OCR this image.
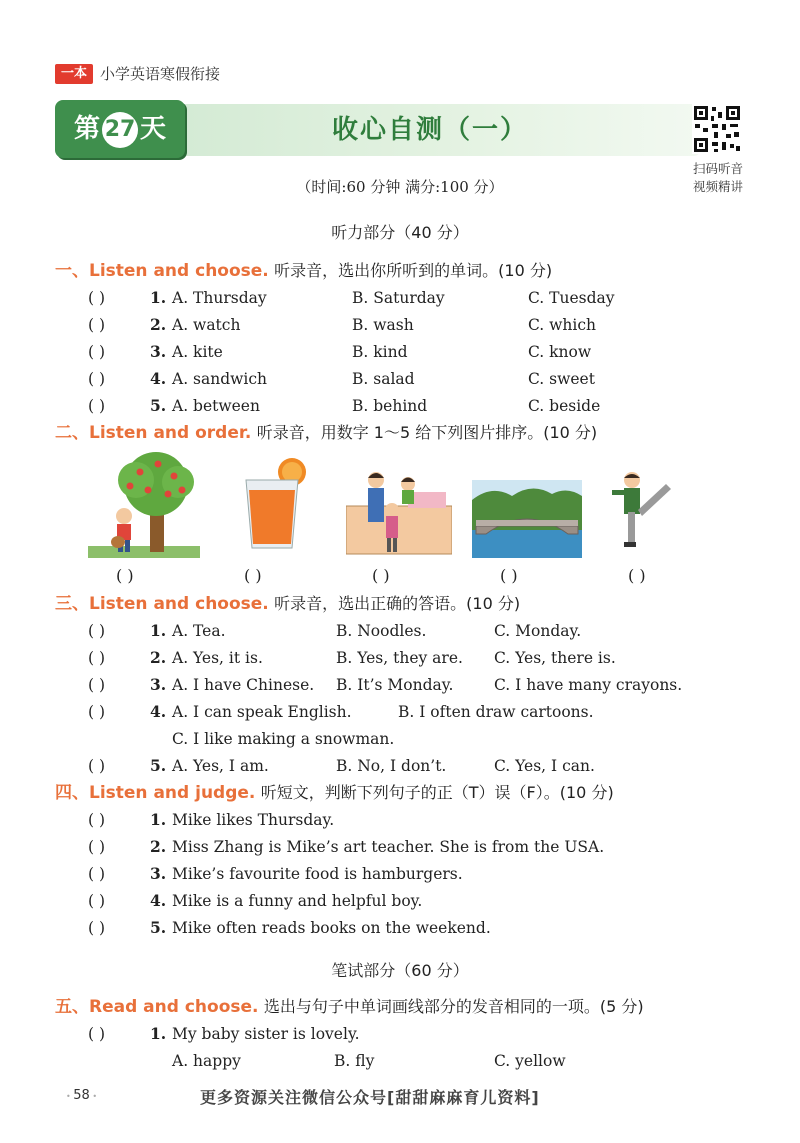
一本 小学英语寒假衔接
第 27 天	收心自测（一）
扫码听音
视频精讲
（时间:60 分钟 满分:100 分）
听力部分（40 分）
一、Listen and choose. 听录音，选出你所听到的单词。(10 分)
( )	1. A. Thursday	B. Saturday	C. Tuesday
( )	2. A. watch	B. wash	C. which
( )	3. A. kite	B. kind	C. know
( )	4. A. sandwich	B. salad	C. sweet
( )	5. A. between	B. behind	C. beside
二、Listen and order. 听录音，用数字 1～5 给下列图片排序。(10 分)
( )	( )	( )	( )	( )
三、Listen and choose. 听录音，选出正确的答语。(10 分)
( )	1. A. Tea.	B. Noodles.	C. Monday.
( )	2. A. Yes, it is.	B. Yes, they are. C. Yes, there is.
( )	3. A. I have Chinese. B. It’s Monday.	C. I have many crayons.
( )	4. A. I can speak English.	B. I often draw cartoons.
C. I like making a snowman.
( )	5. A. Yes, I am.	B. No, I don’t.	C. Yes, I can.
四、Listen and judge. 听短文，判断下列句子的正（T）误（F）。(10 分)
( )	1. Mike likes Thursday.
( )	2. Miss Zhang is Mike’s art teacher. She is from the USA.
( )	3. Mike’s favourite food is hamburgers.
( )	4. Mike is a funny and helpful boy.
( )	5. Mike often reads books on the weekend.
笔试部分（60 分）
五、Read and choose. 选出与句子中单词画线部分的发音相同的一项。(5 分)
( )	1. My baby sister is lovely.
A. happy	B. fly	C. yellow
• 58 •	更多资源关注微信公众号[甜甜麻麻育儿资料]
